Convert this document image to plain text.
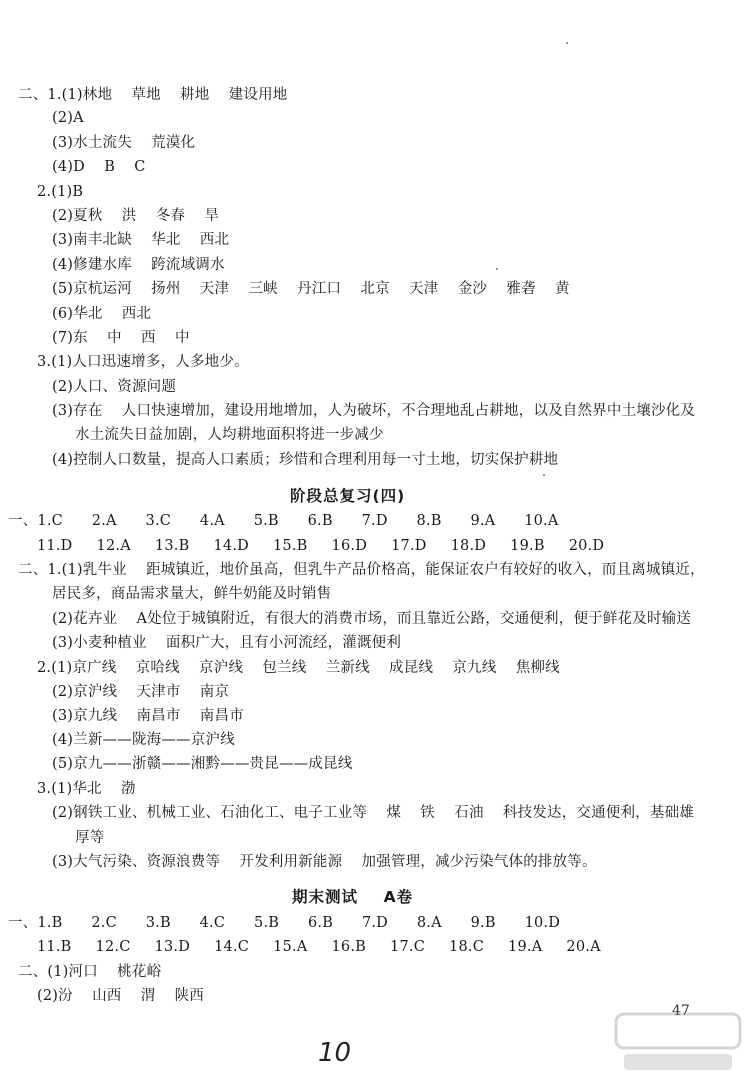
二、1.(1)林地    草地    耕地    建设用地
(2)A
(3)水土流失    荒漠化
(4)D    B    C
2.(1)B
(2)夏秋    洪    冬春    旱
(3)南丰北缺    华北    西北
(4)修建水库    跨流域调水
(5)京杭运河    扬州    天津    三峡    丹江口    北京    天津    金沙    雅砻    黄
(6)华北    西北
(7)东    中    西    中
3.(1)人口迅速增多，人多地少。
(2)人口、资源问题
(3)存在    人口快速增加，建设用地增加，人为破坏，不合理地乱占耕地，以及自然界中土壤沙化及
水土流失日益加剧，人均耕地面积将进一步减少
(4)控制人口数量，提高人口素质；珍惜和合理利用每一寸土地，切实保护耕地
一、1.C      2.A      3.C      4.A      5.B      6.B      7.D      8.B      9.A      10.A
11.D     12.A     13.B     14.D     15.B     16.D     17.D     18.D     19.B     20.D
二、1.(1)乳牛业    距城镇近，地价虽高，但乳牛产品价格高，能保证农户有较好的收入，而且离城镇近，
居民多，商品需求量大，鲜牛奶能及时销售
(2)花卉业    A处位于城镇附近，有很大的消费市场，而且靠近公路，交通便利，便于鲜花及时输送
(3)小麦种植业    面积广大，且有小河流经，灌溉便利
2.(1)京广线    京哈线    京沪线    包兰线    兰新线    成昆线    京九线    焦柳线
(2)京沪线    天津市    南京
(3)京九线    南昌市    南昌市
(4)兰新——陇海——京沪线
(5)京九——浙赣——湘黔——贵昆——成昆线
3.(1)华北    渤
(2)钢铁工业、机械工业、石油化工、电子工业等    煤    铁    石油    科技发达，交通便利，基础雄
厚等
(3)大气污染、资源浪费等    开发利用新能源    加强管理，减少污染气体的排放等。
一、1.B      2.C      3.B      4.C      5.B      6.B      7.D      8.A      9.B      10.D
11.B     12.C     13.D     14.C     15.A     16.B     17.C     18.C     19.A     20.A
二、(1)河口    桃花峪
(2)汾    山西    渭    陕西
阶段总复习(四)
期末测试    A卷
47
10
